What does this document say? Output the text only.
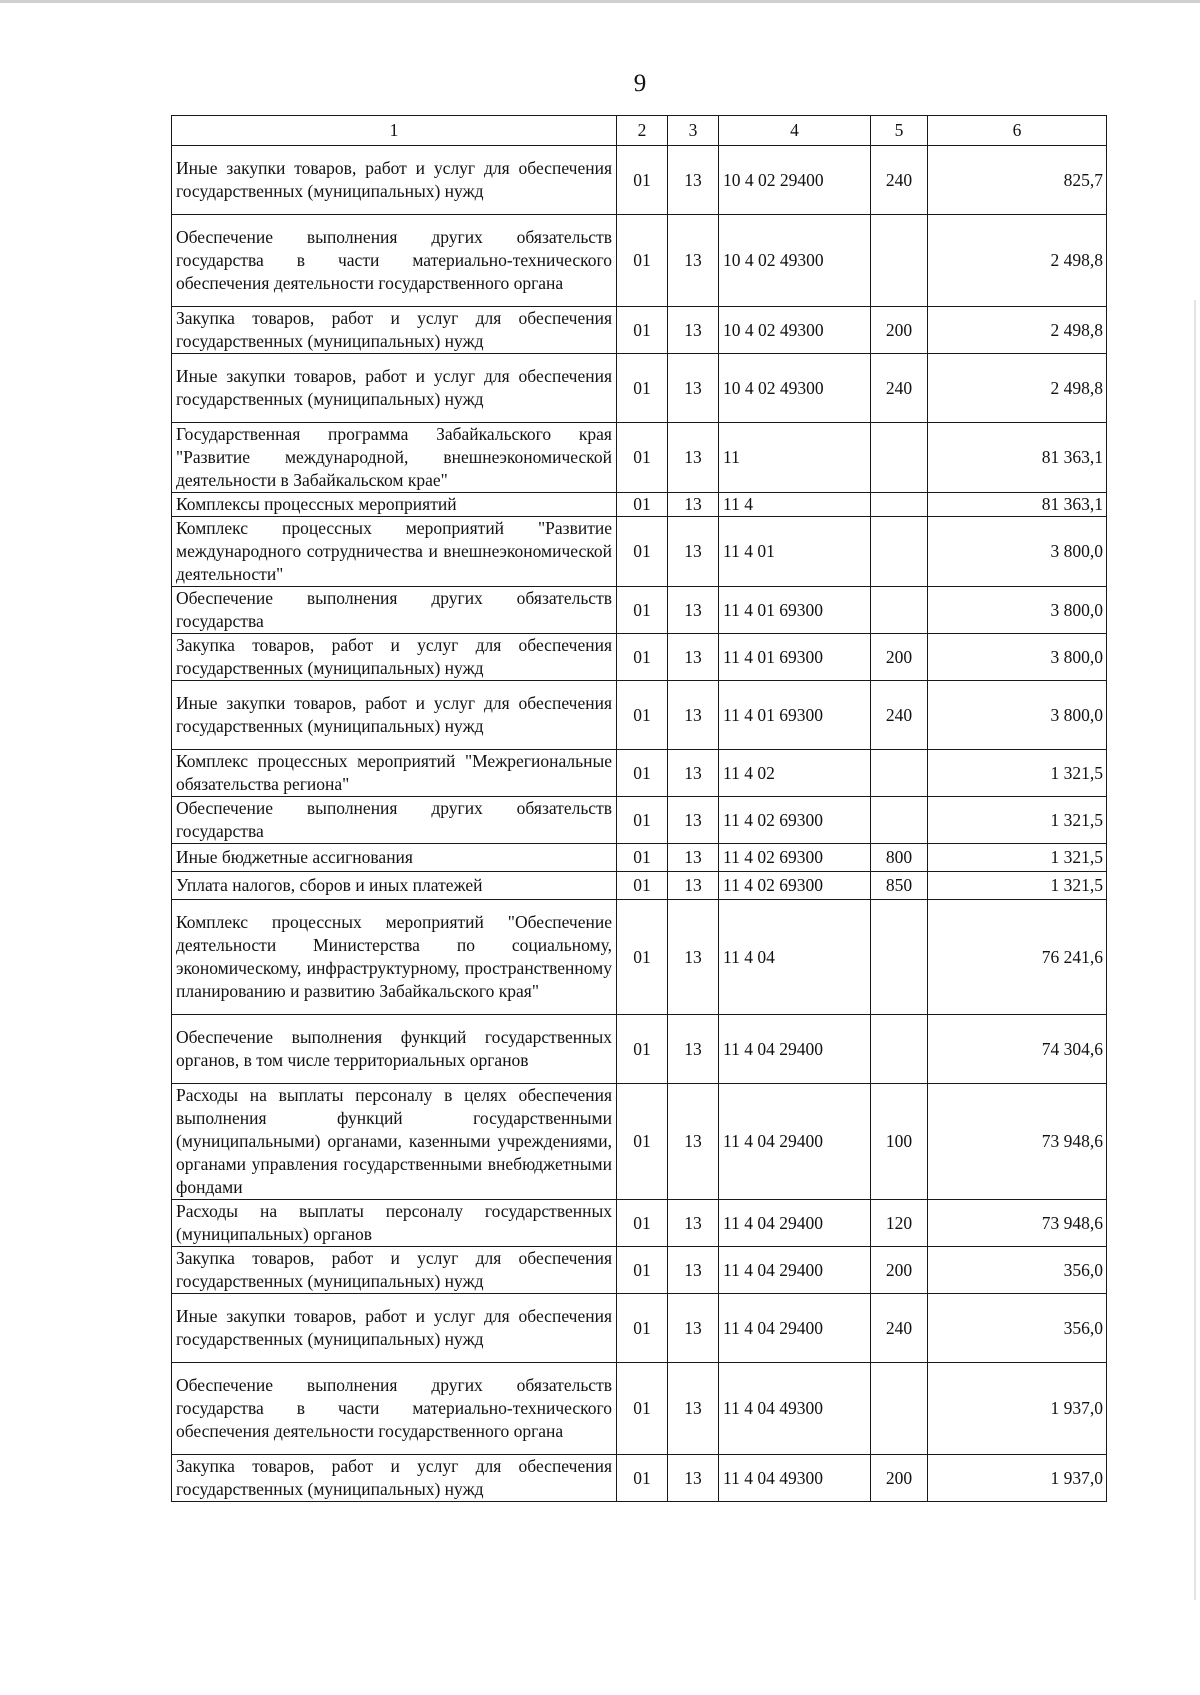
9
1	2	3	4	5	6
Иные закупки товаров, работ и услуг для обеспечения государственных (муниципальных) нужд	01	13	10 4 02 29400	240	825,7
Обеспечение выполнения других обязательств государства в части материально-технического обеспечения деятельности государственного органа	01	13	10 4 02 49300		2 498,8
Закупка товаров, работ и услуг для обеспечения государственных (муниципальных) нужд	01	13	10 4 02 49300	200	2 498,8
Иные закупки товаров, работ и услуг для обеспечения государственных (муниципальных) нужд	01	13	10 4 02 49300	240	2 498,8
Государственная программа Забайкальского края "Развитие международной, внешнеэкономической деятельности в Забайкальском крае"	01	13	11		81 363,1
Комплексы процессных мероприятий	01	13	11 4		81 363,1
Комплекс процессных мероприятий "Развитие международного сотрудничества и внешнеэкономической деятельности"	01	13	11 4 01		3 800,0
Обеспечение выполнения других обязательств государства	01	13	11 4 01 69300		3 800,0
Закупка товаров, работ и услуг для обеспечения государственных (муниципальных) нужд	01	13	11 4 01 69300	200	3 800,0
Иные закупки товаров, работ и услуг для обеспечения государственных (муниципальных) нужд	01	13	11 4 01 69300	240	3 800,0
Комплекс процессных мероприятий "Межрегиональные обязательства региона"	01	13	11 4 02		1 321,5
Обеспечение выполнения других обязательств государства	01	13	11 4 02 69300		1 321,5
Иные бюджетные ассигнования	01	13	11 4 02 69300	800	1 321,5
Уплата налогов, сборов и иных платежей	01	13	11 4 02 69300	850	1 321,5
Комплекс процессных мероприятий "Обеспечение деятельности Министерства по социальному, экономическому, инфраструктурному, пространственному планированию и развитию Забайкальского края"	01	13	11 4 04		76 241,6
Обеспечение выполнения функций государственных органов, в том числе территориальных органов	01	13	11 4 04 29400		74 304,6
Расходы на выплаты персоналу в целях обеспечения выполнения функций государственными (муниципальными) органами, казенными учреждениями, органами управления государственными внебюджетными фондами	01	13	11 4 04 29400	100	73 948,6
Расходы на выплаты персоналу государственных (муниципальных) органов	01	13	11 4 04 29400	120	73 948,6
Закупка товаров, работ и услуг для обеспечения государственных (муниципальных) нужд	01	13	11 4 04 29400	200	356,0
Иные закупки товаров, работ и услуг для обеспечения государственных (муниципальных) нужд	01	13	11 4 04 29400	240	356,0
Обеспечение выполнения других обязательств государства в части материально-технического обеспечения деятельности государственного органа	01	13	11 4 04 49300		1 937,0
Закупка товаров, работ и услуг для обеспечения государственных (муниципальных) нужд	01	13	11 4 04 49300	200	1 937,0
